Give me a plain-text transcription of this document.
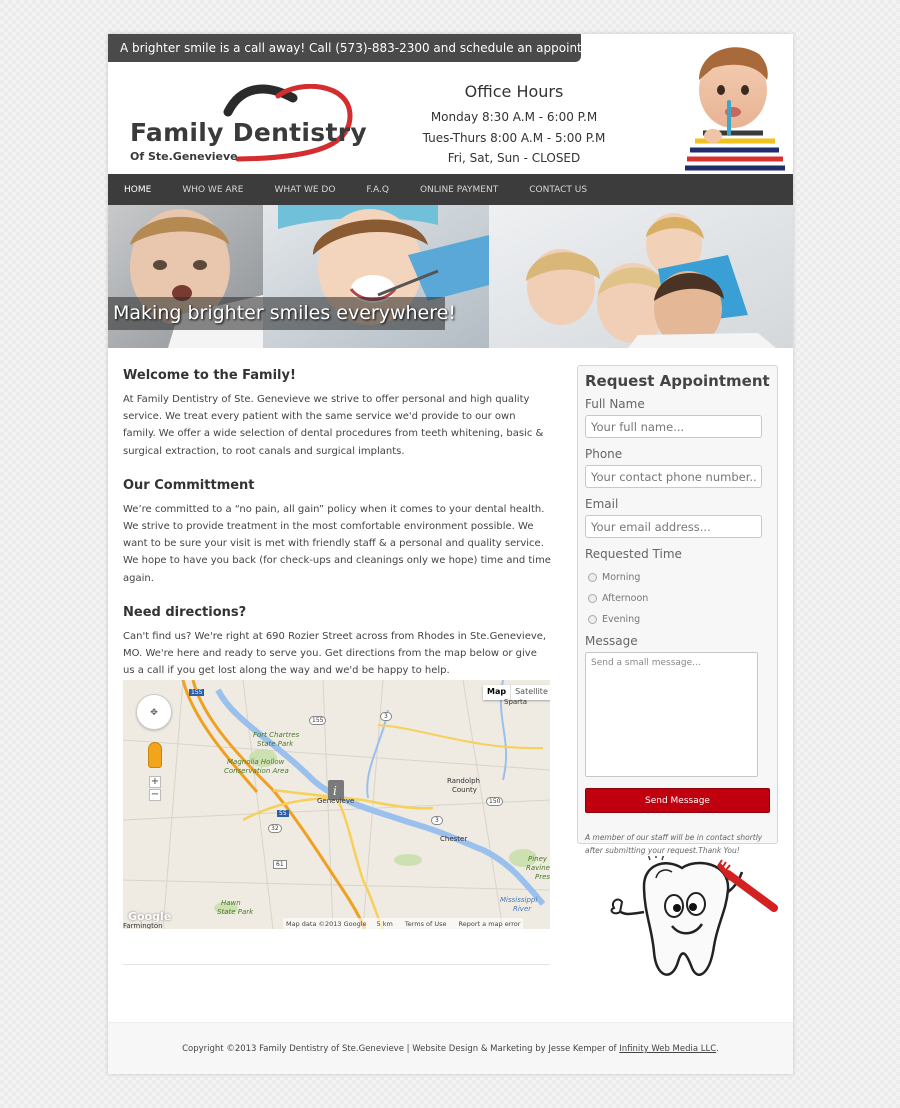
A brighter smile is a call away! Call (573)-883-2300 and schedule an appointment!
Family Dentistry
Of Ste.Genevieve
Office Hours
Monday 8:30 A.M - 6:00 P.M
Tues-Thurs 8:00 A.M - 5:00 P.M
Fri, Sat, Sun - CLOSED
HOME	WHO WE ARE	WHAT WE DO	F.A.Q	ONLINE PAYMENT	CONTACT US
Making brighter smiles everywhere!
Welcome to the Family!

At Family Dentistry of Ste. Genevieve we strive to offer personal and high quality service. We treat every patient with the same service we'd provide to our own family. We offer a wide selection of dental procedures from teeth whitening, basic & surgical extraction, to root canals and surgical implants.

Our Committment

We’re committed to a “no pain, all gain” policy when it comes to your dental health. We strive to provide treatment in the most comfortable environment possible. We want to be sure your visit is met with friendly staff & a personal and quality service. We hope to have you back (for check-ups and cleanings only we hope) time and time again.

Need directions?

Can't find us? We're right at 690 Rozier Street across from Rhodes in Ste.Genevieve, MO. We're here and ready to serve you. Get directions from the map below or give us a call if you get lost along the way and we'd be happy to help.

i
✥
+
−
Map	Satellite
Sparta
Fort Chartres
State Park
Magnolia Hollow
Conservation Area
Randolph
County
Genevieve
Chester
Piney
Ravine
Pres
Hawn
State Park
Mississippi
River
Farmington
155
155
3
3
150
32
55
61
Google
Map data ©2013 Google 5 km Terms of Use Report a map error
Request Appointment
Full Name
Your full name...
Phone
Your contact phone number...
Email
Your email address...
Requested Time
Morning
Afternoon
Evening
Message
Send a small message...
Send Message
A member of our staff will be in contact shortly after submitting your request.Thank You!
Copyright ©2013 Family Dentistry of Ste.Genevieve | Website Design & Marketing by Jesse Kemper of Infinity Web Media LLC.
